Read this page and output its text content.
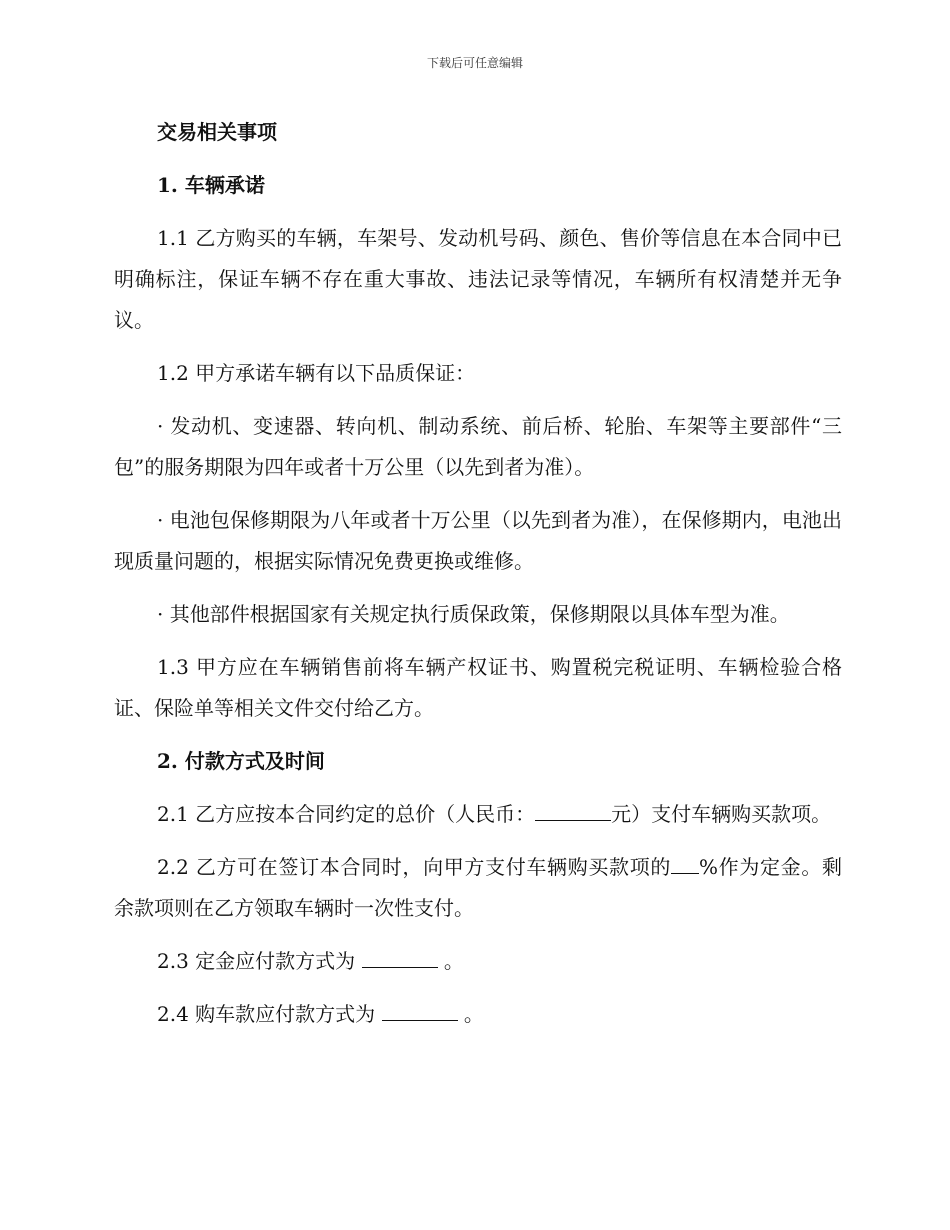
下载后可任意编辑
交易相关事项
1. 车辆承诺

1.1 乙方购买的车辆，车架号、发动机号码、颜色、售价等信息在本合同中已明确标注，保证车辆不存在重大事故、违法记录等情况，车辆所有权清楚并无争议。

1.2 甲方承诺车辆有以下品质保证：

· 发动机、变速器、转向机、制动系统、前后桥、轮胎、车架等主要部件“三包”的服务期限为四年或者十万公里（以先到者为准）。

· 电池包保修期限为八年或者十万公里（以先到者为准），在保修期内，电池出现质量问题的，根据实际情况免费更换或维修。

· 其他部件根据国家有关规定执行质保政策，保修期限以具体车型为准。

1.3 甲方应在车辆销售前将车辆产权证书、购置税完税证明、车辆检验合格证、保险单等相关文件交付给乙方。

2. 付款方式及时间

2.1 乙方应按本合同约定的总价（人民币：	元）支付车辆购买款项。

2.2 乙方可在签订本合同时，向甲方支付车辆购买款项的 %作为定金。剩余款项则在乙方领取车辆时一次性支付。

2.3 定金应付款方式为	。

2.4 购车款应付款方式为	。
